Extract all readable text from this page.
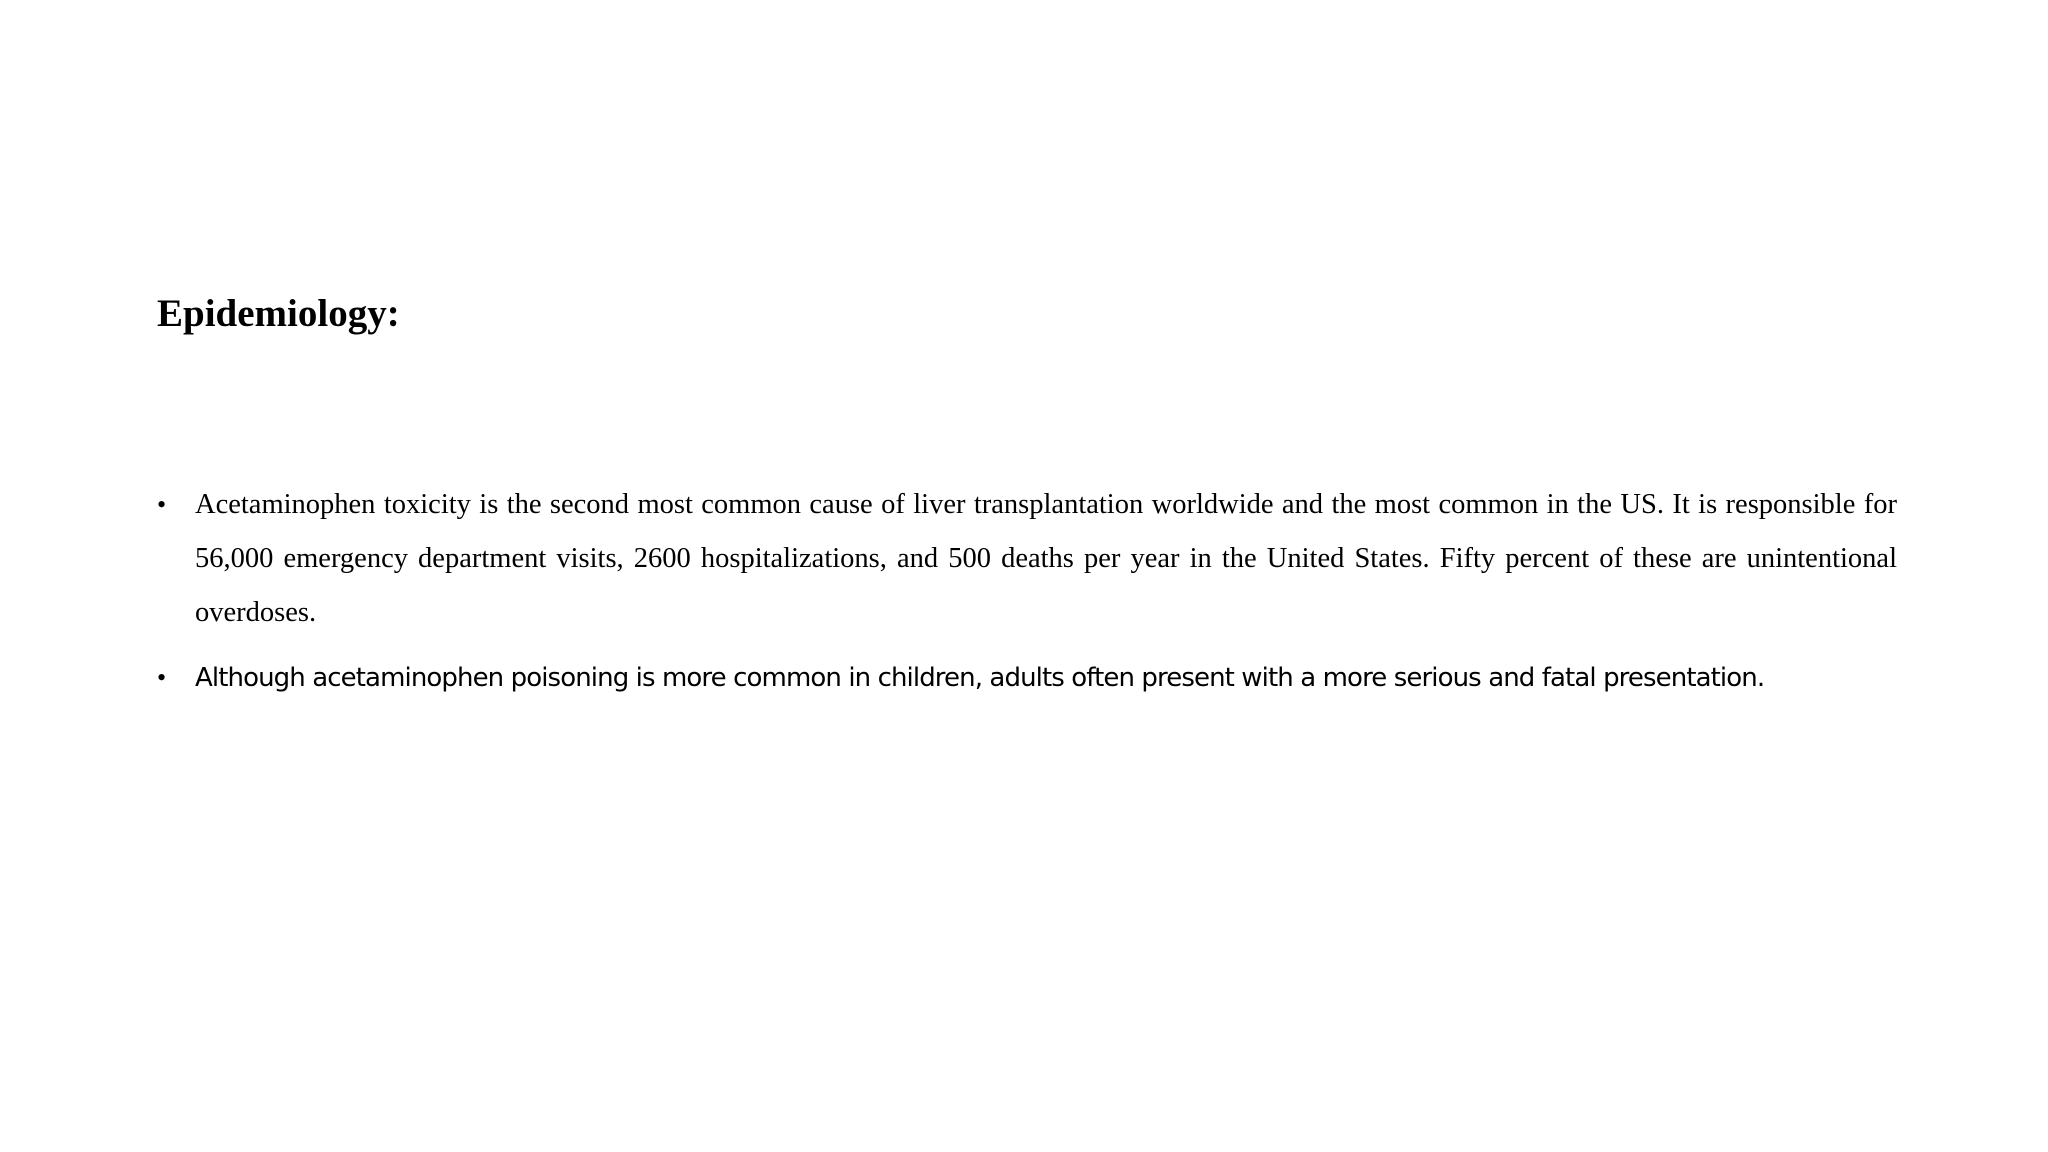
Epidemiology:
• Acetaminophen toxicity is the second most common cause of liver transplantation worldwide and the most common in the US. It is responsible for 56,000 emergency department visits, 2600 hospitalizations, and 500 deaths per year in the United States. Fifty percent of these are unintentional overdoses.
• Although acetaminophen poisoning is more common in children, adults often present with a more serious and fatal presentation.
